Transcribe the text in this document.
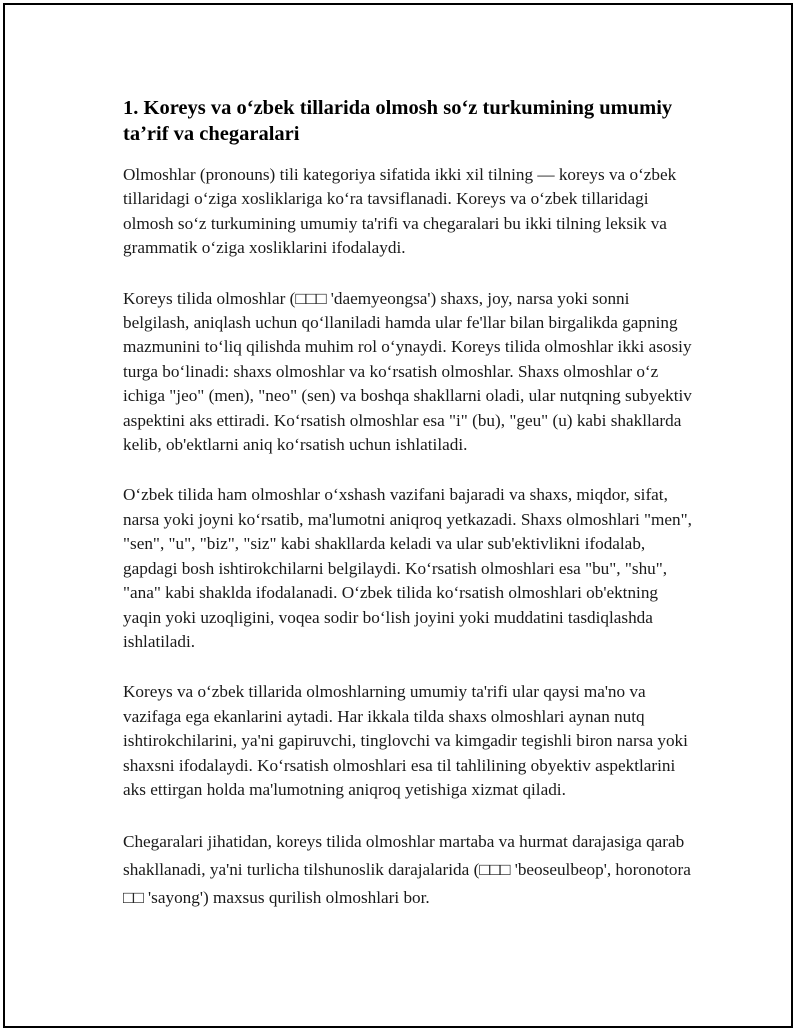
1. Koreys va oʻzbek tillarida olmosh soʻz turkumining umumiy taʼrif va chegaralari

Olmoshlar (pronouns) tili kategoriya sifatida ikki xil tilning — koreys va oʻzbek tillaridagi oʻziga xosliklariga koʻra tavsiflanadi. Koreys va oʻzbek tillaridagi olmosh soʻz turkumining umumiy ta'rifi va chegaralari bu ikki tilning leksik va grammatik oʻziga xosliklarini ifodalaydi.

Koreys tilida olmoshlar (□□□ 'daemyeongsa') shaxs, joy, narsa yoki sonni belgilash, aniqlash uchun qoʻllaniladi hamda ular fe'llar bilan birgalikda gapning mazmunini toʻliq qilishda muhim rol oʻynaydi. Koreys tilida olmoshlar ikki asosiy turga boʻlinadi: shaxs olmoshlar va koʻrsatish olmoshlar. Shaxs olmoshlar oʻz ichiga "jeo" (men), "neo" (sen) va boshqa shakllarni oladi, ular nutqning subyektiv aspektini aks ettiradi. Koʻrsatish olmoshlar esa "i" (bu), "geu" (u) kabi shakllarda kelib, ob'ektlarni aniq koʻrsatish uchun ishlatiladi.

Oʻzbek tilida ham olmoshlar oʻxshash vazifani bajaradi va shaxs, miqdor, sifat, narsa yoki joyni koʻrsatib, ma'lumotni aniqroq yetkazadi. Shaxs olmoshlari "men", "sen", "u", "biz", "siz" kabi shakllarda keladi va ular sub'ektivlikni ifodalab, gapdagi bosh ishtirokchilarni belgilaydi. Koʻrsatish olmoshlari esa "bu", "shu", "ana" kabi shaklda ifodalanadi. Oʻzbek tilida koʻrsatish olmoshlari ob'ektning yaqin yoki uzoqligini, voqea sodir boʻlish joyini yoki muddatini tasdiqlashda ishlatiladi.

Koreys va oʻzbek tillarida olmoshlarning umumiy ta'rifi ular qaysi ma'no va vazifaga ega ekanlarini aytadi. Har ikkala tilda shaxs olmoshlari aynan nutq ishtirokchilarini, ya'ni gapiruvchi, tinglovchi va kimgadir tegishli biron narsa yoki shaxsni ifodalaydi. Koʻrsatish olmoshlari esa til tahlilining obyektiv aspektlarini aks ettirgan holda ma'lumotning aniqroq yetishiga xizmat qiladi.

Chegaralari jihatidan, koreys tilida olmoshlar martaba va hurmat darajasiga qarab shakllanadi, ya'ni turlicha tilshunoslik darajalarida (□□□ 'beoseulbeop', horonotora □□ 'sayong') maxsus qurilish olmoshlari bor.
